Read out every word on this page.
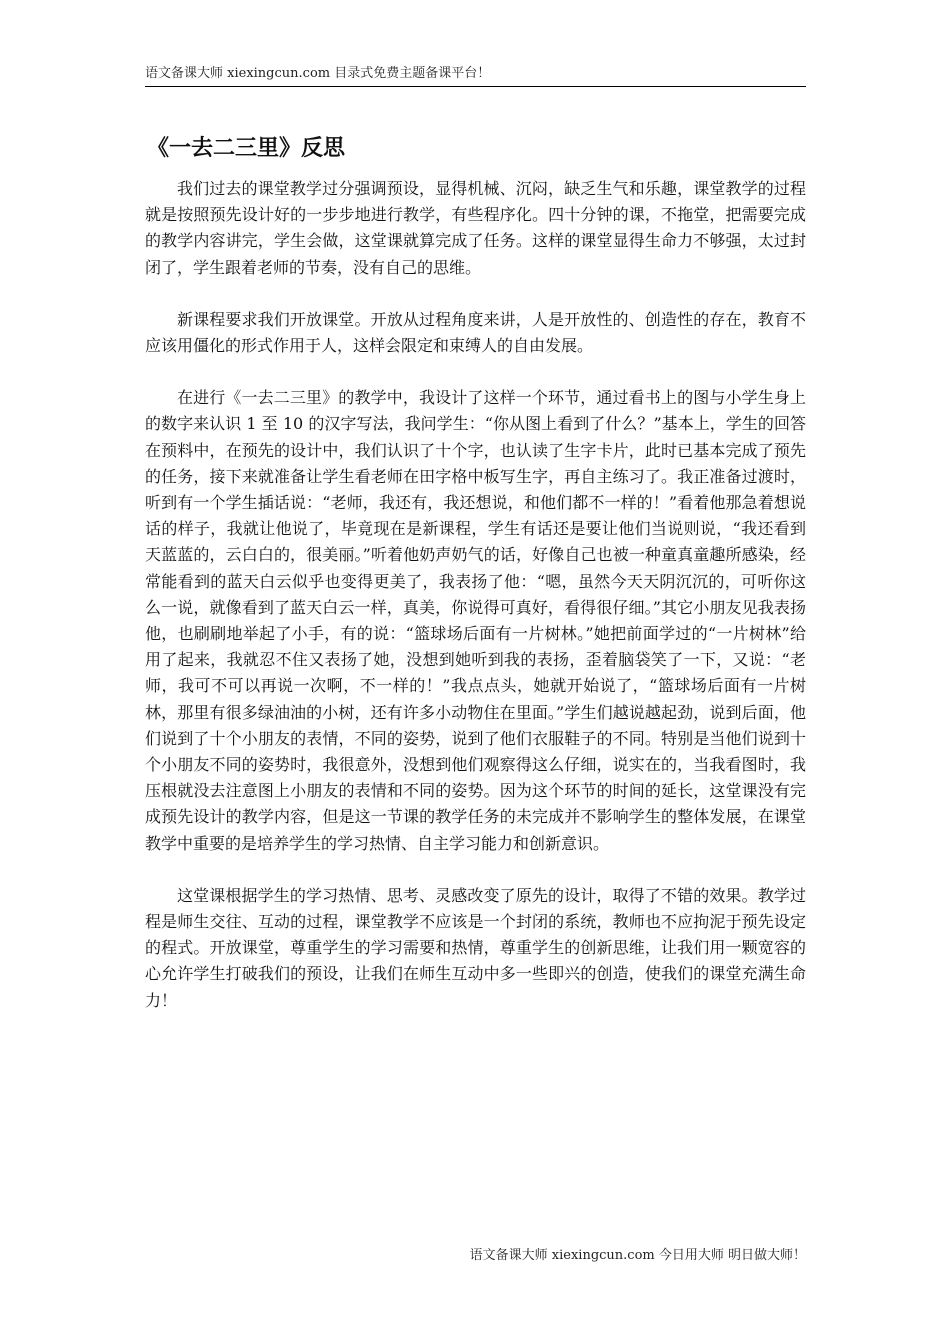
语文备课大师 xiexingcun.com 目录式免费主题备课平台！
《一去二三里》反思

我们过去的课堂教学过分强调预设，显得机械、沉闷，缺乏生气和乐趣，课堂教学的过程就是按照预先设计好的一步步地进行教学，有些程序化。四十分钟的课，不拖堂，把需要完成的教学内容讲完，学生会做，这堂课就算完成了任务。这样的课堂显得生命力不够强，太过封闭了，学生跟着老师的节奏，没有自己的思维。

新课程要求我们开放课堂。开放从过程角度来讲，人是开放性的、创造性的存在，教育不应该用僵化的形式作用于人，这样会限定和束缚人的自由发展。

在进行《一去二三里》的教学中，我设计了这样一个环节，通过看书上的图与小学生身上的数字来认识 1 至 10 的汉字写法，我问学生：“你从图上看到了什么？”基本上，学生的回答在预料中，在预先的设计中，我们认识了十个字，也认读了生字卡片，此时已基本完成了预先的任务，接下来就准备让学生看老师在田字格中板写生字，再自主练习了。我正准备过渡时，听到有一个学生插话说：“老师，我还有，我还想说，和他们都不一样的！”看着他那急着想说话的样子，我就让他说了，毕竟现在是新课程，学生有话还是要让他们当说则说，“我还看到天蓝蓝的，云白白的，很美丽。”听着他奶声奶气的话，好像自己也被一种童真童趣所感染，经常能看到的蓝天白云似乎也变得更美了，我表扬了他：“嗯，虽然今天天阴沉沉的，可听你这么一说，就像看到了蓝天白云一样，真美，你说得可真好，看得很仔细。”其它小朋友见我表扬他，也刷刷地举起了小手，有的说：“篮球场后面有一片树林。”她把前面学过的“一片树林”给用了起来，我就忍不住又表扬了她，没想到她听到我的表扬，歪着脑袋笑了一下，又说：“老师，我可不可以再说一次啊，不一样的！”我点点头，她就开始说了，“篮球场后面有一片树林，那里有很多绿油油的小树，还有许多小动物住在里面。”学生们越说越起劲，说到后面，他们说到了十个小朋友的表情，不同的姿势，说到了他们衣服鞋子的不同。特别是当他们说到十个小朋友不同的姿势时，我很意外，没想到他们观察得这么仔细，说实在的，当我看图时，我压根就没去注意图上小朋友的表情和不同的姿势。因为这个环节的时间的延长，这堂课没有完成预先设计的教学内容，但是这一节课的教学任务的未完成并不影响学生的整体发展，在课堂教学中重要的是培养学生的学习热情、自主学习能力和创新意识。

这堂课根据学生的学习热情、思考、灵感改变了原先的设计，取得了不错的效果。教学过程是师生交往、互动的过程，课堂教学不应该是一个封闭的系统，教师也不应拘泥于预先设定的程式。开放课堂，尊重学生的学习需要和热情，尊重学生的创新思维，让我们用一颗宽容的心允许学生打破我们的预设，让我们在师生互动中多一些即兴的创造，使我们的课堂充满生命力！

语文备课大师 xiexingcun.com 今日用大师 明日做大师！
